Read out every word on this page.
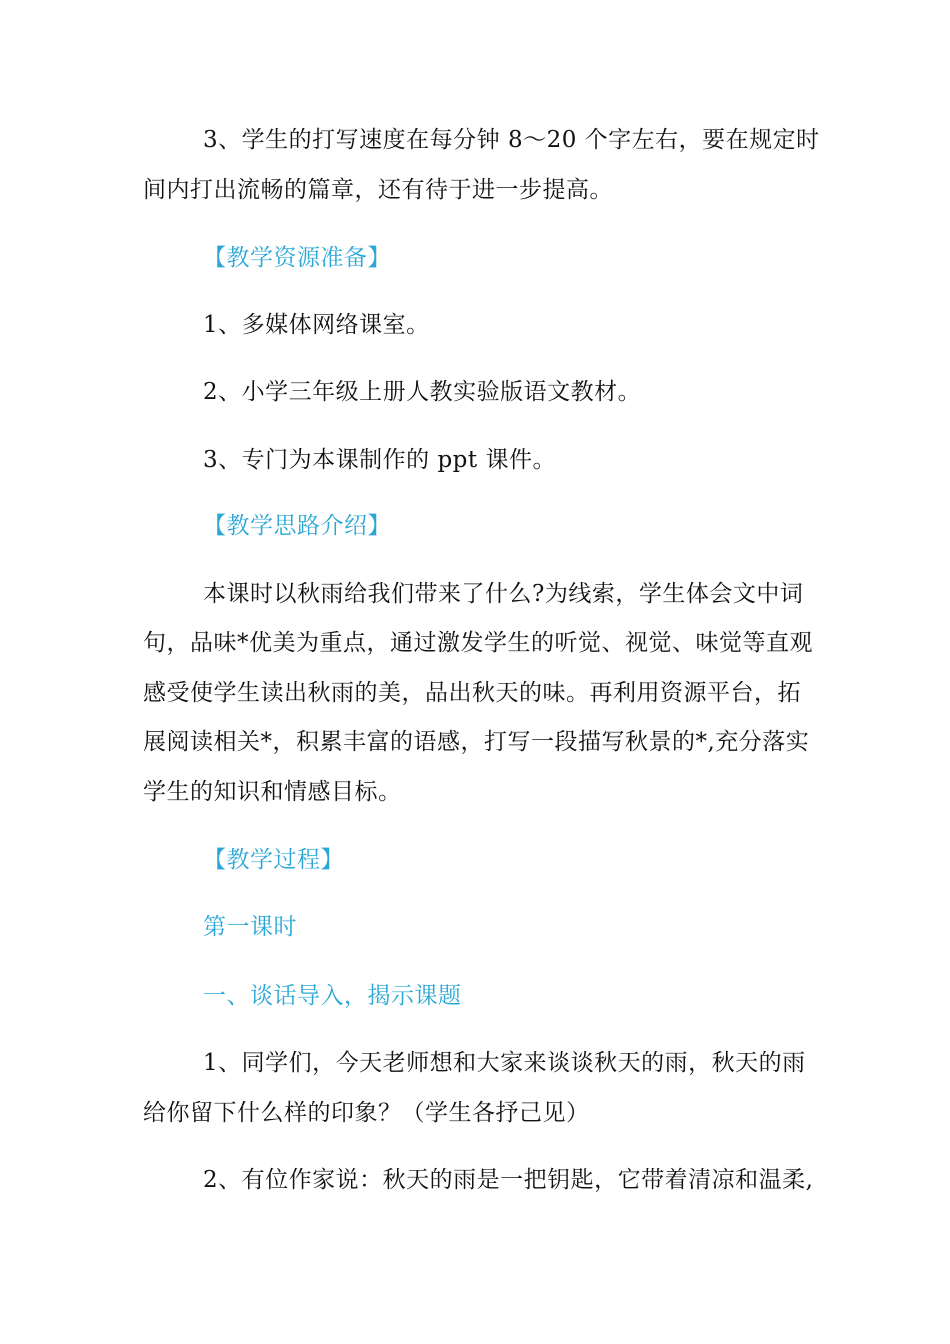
3、学生的打写速度在每分钟 8～20 个字左右，要在规定时
间内打出流畅的篇章，还有待于进一步提高。
【教学资源准备】
1、多媒体网络课室。
2、小学三年级上册人教实验版语文教材。
3、专门为本课制作的 ppt 课件。
【教学思路介绍】
本课时以秋雨给我们带来了什么?为线索，学生体会文中词
句，品味*优美为重点，通过激发学生的听觉、视觉、味觉等直观
感受使学生读出秋雨的美，品出秋天的味。再利用资源平台，拓
展阅读相关*，积累丰富的语感，打写一段描写秋景的*,充分落实
学生的知识和情感目标。
【教学过程】
第一课时
一、谈话导入，揭示课题
1、同学们，今天老师想和大家来谈谈秋天的雨，秋天的雨
给你留下什么样的印象？（学生各抒己见）
2、有位作家说：秋天的雨是一把钥匙，它带着清凉和温柔,
